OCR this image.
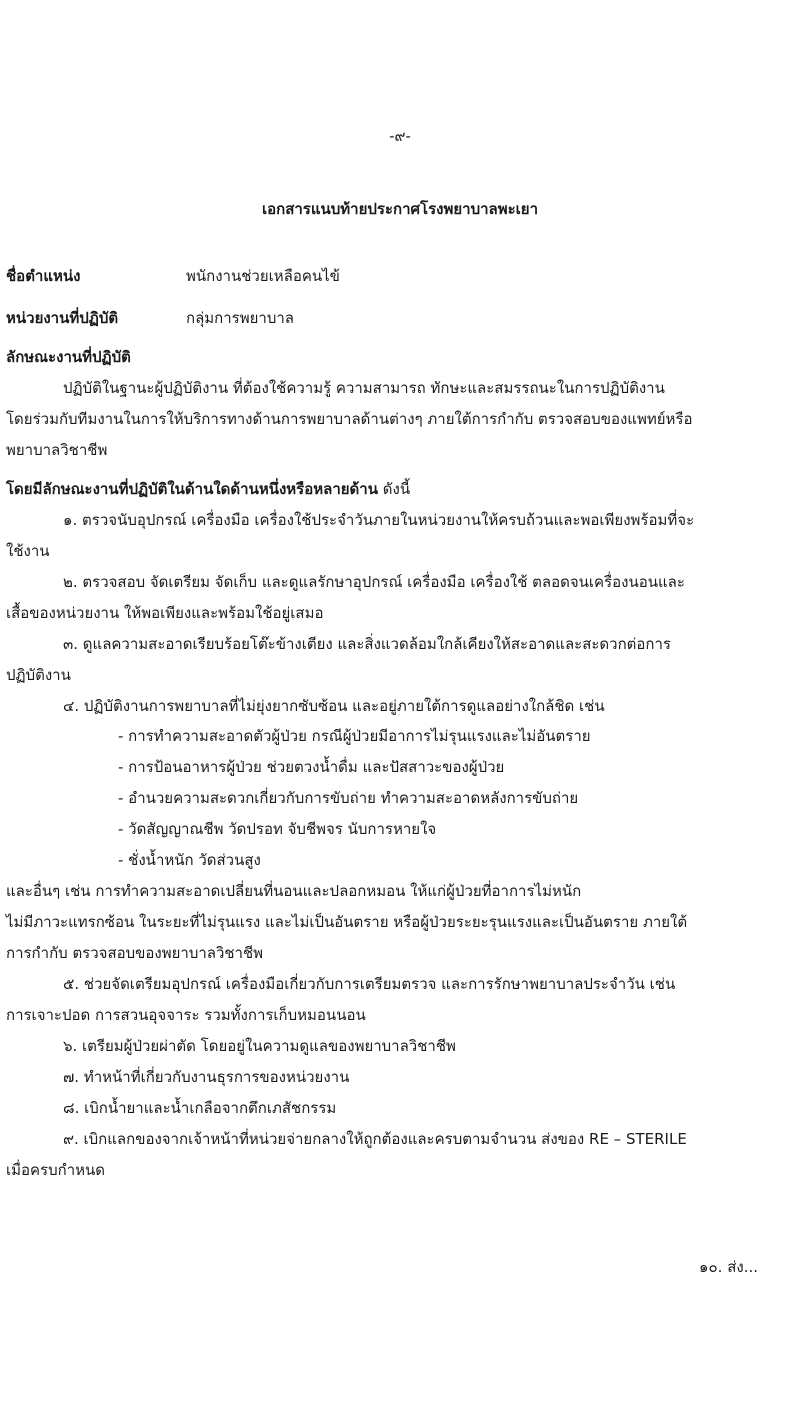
-๙-
เอกสารแนบท้ายประกาศโรงพยาบาลพะเยา
ชื่อตำแหน่ง	พนักงานช่วยเหลือคนไข้
หน่วยงานที่ปฏิบัติ	กลุ่มการพยาบาล
ลักษณะงานที่ปฏิบัติ
ปฏิบัติในฐานะผู้ปฏิบัติงาน ที่ต้องใช้ความรู้ ความสามารถ ทักษะและสมรรถนะในการปฏิบัติงาน
โดยร่วมกับทีมงานในการให้บริการทางด้านการพยาบาลด้านต่างๆ ภายใต้การกำกับ ตรวจสอบของแพทย์หรือ
พยาบาลวิชาชีพ
โดยมีลักษณะงานที่ปฏิบัติในด้านใดด้านหนึ่งหรือหลายด้าน ดังนี้
๑. ตรวจนับอุปกรณ์ เครื่องมือ เครื่องใช้ประจำวันภายในหน่วยงานให้ครบถ้วนและพอเพียงพร้อมที่จะ
ใช้งาน
๒. ตรวจสอบ จัดเตรียม จัดเก็บ และดูแลรักษาอุปกรณ์ เครื่องมือ เครื่องใช้ ตลอดจนเครื่องนอนและ
เสื้อของหน่วยงาน ให้พอเพียงและพร้อมใช้อยู่เสมอ
๓. ดูแลความสะอาดเรียบร้อยโต๊ะข้างเตียง และสิ่งแวดล้อมใกล้เคียงให้สะอาดและสะดวกต่อการ
ปฏิบัติงาน
๔. ปฏิบัติงานการพยาบาลที่ไม่ยุ่งยากซับซ้อน และอยู่ภายใต้การดูแลอย่างใกล้ชิด เช่น
- การทำความสะอาดตัวผู้ป่วย กรณีผู้ป่วยมีอาการไม่รุนแรงและไม่อันตราย
- การป้อนอาหารผู้ป่วย ช่วยตวงน้ำดื่ม และปัสสาวะของผู้ป่วย
- อำนวยความสะดวกเกี่ยวกับการขับถ่าย ทำความสะอาดหลังการขับถ่าย
- วัดสัญญาณชีพ วัดปรอท จับชีพจร นับการหายใจ
- ชั่งน้ำหนัก วัดส่วนสูง
และอื่นๆ เช่น การทำความสะอาดเปลี่ยนที่นอนและปลอกหมอน ให้แก่ผู้ป่วยที่อาการไม่หนัก
ไม่มีภาวะแทรกซ้อน ในระยะที่ไม่รุนแรง และไม่เป็นอันตราย หรือผู้ป่วยระยะรุนแรงและเป็นอันตราย ภายใต้
การกำกับ ตรวจสอบของพยาบาลวิชาชีพ
๕. ช่วยจัดเตรียมอุปกรณ์ เครื่องมือเกี่ยวกับการเตรียมตรวจ และการรักษาพยาบาลประจำวัน เช่น
การเจาะปอด การสวนอุจจาระ รวมทั้งการเก็บหมอนนอน
๖. เตรียมผู้ป่วยผ่าตัด โดยอยู่ในความดูแลของพยาบาลวิชาชีพ
๗. ทำหน้าที่เกี่ยวกับงานธุรการของหน่วยงาน
๘. เบิกน้ำยาและน้ำเกลือจากตึกเภสัชกรรม
๙. เบิกแลกของจากเจ้าหน้าที่หน่วยจ่ายกลางให้ถูกต้องและครบตามจำนวน ส่งของ RE – STERILE
เมื่อครบกำหนด
๑๐. ส่ง...
